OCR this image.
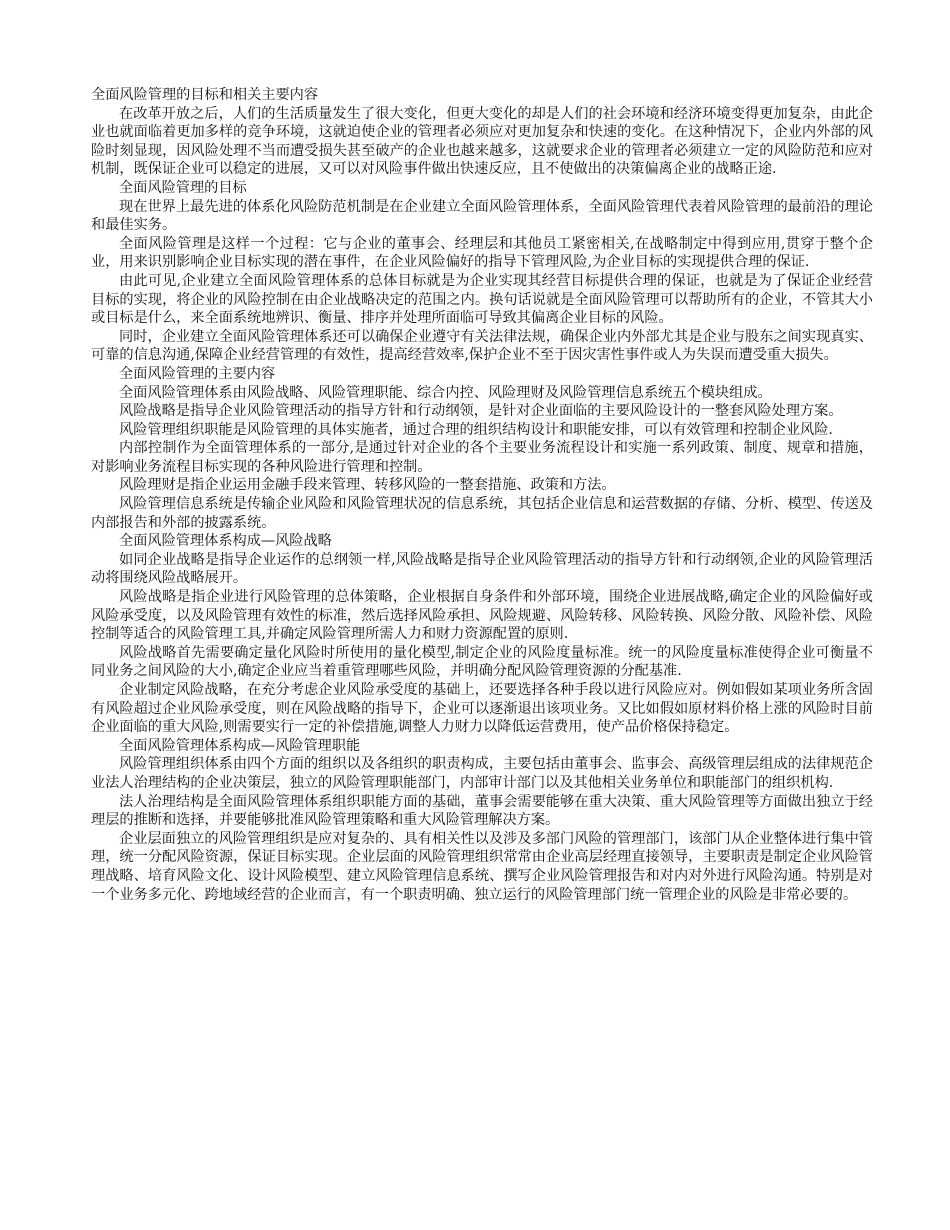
全面风险管理的目标和相关主要内容

在改革开放之后，人们的生活质量发生了很大变化，但更大变化的却是人们的社会环境和经济环境变得更加复杂，由此企业也就面临着更加多样的竞争环境，这就迫使企业的管理者必须应对更加复杂和快速的变化。在这种情况下，企业内外部的风险时刻显现，因风险处理不当而遭受损失甚至破产的企业也越来越多，这就要求企业的管理者必须建立一定的风险防范和应对机制，既保证企业可以稳定的进展，又可以对风险事件做出快速反应，且不使做出的决策偏离企业的战略正途.

全面风险管理的目标

现在世界上最先进的体系化风险防范机制是在企业建立全面风险管理体系，全面风险管理代表着风险管理的最前沿的理论和最佳实务。

全面风险管理是这样一个过程：它与企业的董事会、经理层和其他员工紧密相关,在战略制定中得到应用,贯穿于整个企业，用来识别影响企业目标实现的潜在事件，在企业风险偏好的指导下管理风险,为企业目标的实现提供合理的保证.

由此可见,企业建立全面风险管理体系的总体目标就是为企业实现其经营目标提供合理的保证，也就是为了保证企业经营目标的实现，将企业的风险控制在由企业战略决定的范围之内。换句话说就是全面风险管理可以帮助所有的企业，不管其大小或目标是什么，来全面系统地辨识、衡量、排序并处理所面临可导致其偏离企业目标的风险。

同时，企业建立全面风险管理体系还可以确保企业遵守有关法律法规，确保企业内外部尤其是企业与股东之间实现真实、可靠的信息沟通,保障企业经营管理的有效性，提高经营效率,保护企业不至于因灾害性事件或人为失误而遭受重大损失。

全面风险管理的主要内容

全面风险管理体系由风险战略、风险管理职能、综合内控、风险理财及风险管理信息系统五个模块组成。

风险战略是指导企业风险管理活动的指导方针和行动纲领，是针对企业面临的主要风险设计的一整套风险处理方案。

风险管理组织职能是风险管理的具体实施者，通过合理的组织结构设计和职能安排，可以有效管理和控制企业风险.

内部控制作为全面管理体系的一部分,是通过针对企业的各个主要业务流程设计和实施一系列政策、制度、规章和措施，对影响业务流程目标实现的各种风险进行管理和控制。

风险理财是指企业运用金融手段来管理、转移风险的一整套措施、政策和方法。

风险管理信息系统是传输企业风险和风险管理状况的信息系统，其包括企业信息和运营数据的存储、分析、模型、传送及内部报告和外部的披露系统。

全面风险管理体系构成—风险战略

如同企业战略是指导企业运作的总纲领一样,风险战略是指导企业风险管理活动的指导方针和行动纲领,企业的风险管理活动将围绕风险战略展开。

风险战略是指企业进行风险管理的总体策略，企业根据自身条件和外部环境，围绕企业进展战略,确定企业的风险偏好或风险承受度，以及风险管理有效性的标准，然后选择风险承担、风险规避、风险转移、风险转换、风险分散、风险补偿、风险控制等适合的风险管理工具,并确定风险管理所需人力和财力资源配置的原则.

风险战略首先需要确定量化风险时所使用的量化模型,制定企业的风险度量标准。统一的风险度量标准使得企业可衡量不同业务之间风险的大小,确定企业应当着重管理哪些风险，并明确分配风险管理资源的分配基准.

企业制定风险战略，在充分考虑企业风险承受度的基础上，还要选择各种手段以进行风险应对。例如假如某项业务所含固有风险超过企业风险承受度，则在风险战略的指导下，企业可以逐渐退出该项业务。又比如假如原材料价格上涨的风险时目前企业面临的重大风险,则需要实行一定的补偿措施,调整人力财力以降低运营费用，使产品价格保持稳定。

全面风险管理体系构成—风险管理职能

风险管理组织体系由四个方面的组织以及各组织的职责构成，主要包括由董事会、监事会、高级管理层组成的法律规范企业法人治理结构的企业决策层，独立的风险管理职能部门，内部审计部门以及其他相关业务单位和职能部门的组织机构.

法人治理结构是全面风险管理体系组织职能方面的基础，董事会需要能够在重大决策、重大风险管理等方面做出独立于经理层的推断和选择，并要能够批准风险管理策略和重大风险管理解决方案。

企业层面独立的风险管理组织是应对复杂的、具有相关性以及涉及多部门风险的管理部门，该部门从企业整体进行集中管理，统一分配风险资源，保证目标实现。企业层面的风险管理组织常常由企业高层经理直接领导，主要职责是制定企业风险管理战略、培育风险文化、设计风险模型、建立风险管理信息系统、撰写企业风险管理报告和对内对外进行风险沟通。特别是对一个业务多元化、跨地域经营的企业而言，有一个职责明确、独立运行的风险管理部门统一管理企业的风险是非常必要的。
